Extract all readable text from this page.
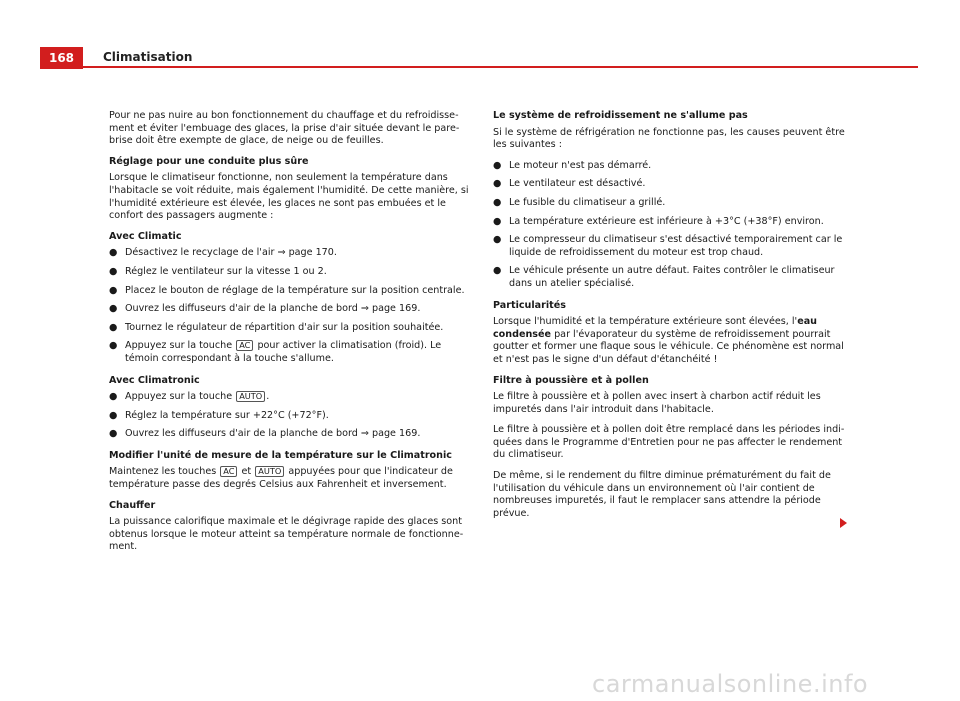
168	Climatisation

Pour ne pas nuire au bon fonctionnement du chauffage et du refroidissement et éviter l'embuage des glaces, la prise d'air située devant le pare-brise doit être exempte de glace, de neige ou de feuilles.

Réglage pour une conduite plus sûre

Lorsque le climatiseur fonctionne, non seulement la température dans l'habitacle se voit réduite, mais également l'humidité. De cette manière, si l'humidité extérieure est élevée, les glaces ne sont pas embuées et le confort des passagers augmente :

Avec Climatic

● Désactivez le recyclage de l'air ⇒ page 170.
● Réglez le ventilateur sur la vitesse 1 ou 2.
● Placez le bouton de réglage de la température sur la position centrale.
● Ouvrez les diffuseurs d'air de la planche de bord ⇒ page 169.
● Tournez le régulateur de répartition d'air sur la position souhaitée.
● Appuyez sur la touche AC pour activer la climatisation (froid). Le témoin correspondant à la touche s'allume.

Avec Climatronic

● Appuyez sur la touche AUTO .
● Réglez la température sur +22°C (+72°F).
● Ouvrez les diffuseurs d'air de la planche de bord ⇒ page 169.

Modifier l'unité de mesure de la température sur le Climatronic

Maintenez les touches AC et AUTO appuyées pour que l'indicateur de température passe des degrés Celsius aux Fahrenheit et inversement.

Chauffer

La puissance calorifique maximale et le dégivrage rapide des glaces sont obtenus lorsque le moteur atteint sa température normale de fonctionnement.

Le système de refroidissement ne s'allume pas

Si le système de réfrigération ne fonctionne pas, les causes peuvent être les suivantes :

● Le moteur n'est pas démarré.
● Le ventilateur est désactivé.
● Le fusible du climatiseur a grillé.
● La température extérieure est inférieure à +3°C (+38°F) environ.
● Le compresseur du climatiseur s'est désactivé temporairement car le liquide de refroidissement du moteur est trop chaud.
● Le véhicule présente un autre défaut. Faites contrôler le climatiseur dans un atelier spécialisé.

Particularités

Lorsque l'humidité et la température extérieure sont élevées, l'eau condensée par l'évaporateur du système de refroidissement pourrait goutter et former une flaque sous le véhicule. Ce phénomène est normal et n'est pas le signe d'un défaut d'étanchéité !

Filtre à poussière et à pollen

Le filtre à poussière et à pollen avec insert à charbon actif réduit les impuretés dans l'air introduit dans l'habitacle.

Le filtre à poussière et à pollen doit être remplacé dans les périodes indiquées dans le Programme d'Entretien pour ne pas affecter le rendement du climatiseur.

De même, si le rendement du filtre diminue prématurément du fait de l'utilisation du véhicule dans un environnement où l'air contient de nombreuses impuretés, il faut le remplacer sans attendre la période prévue.

carmanualsonline.info
